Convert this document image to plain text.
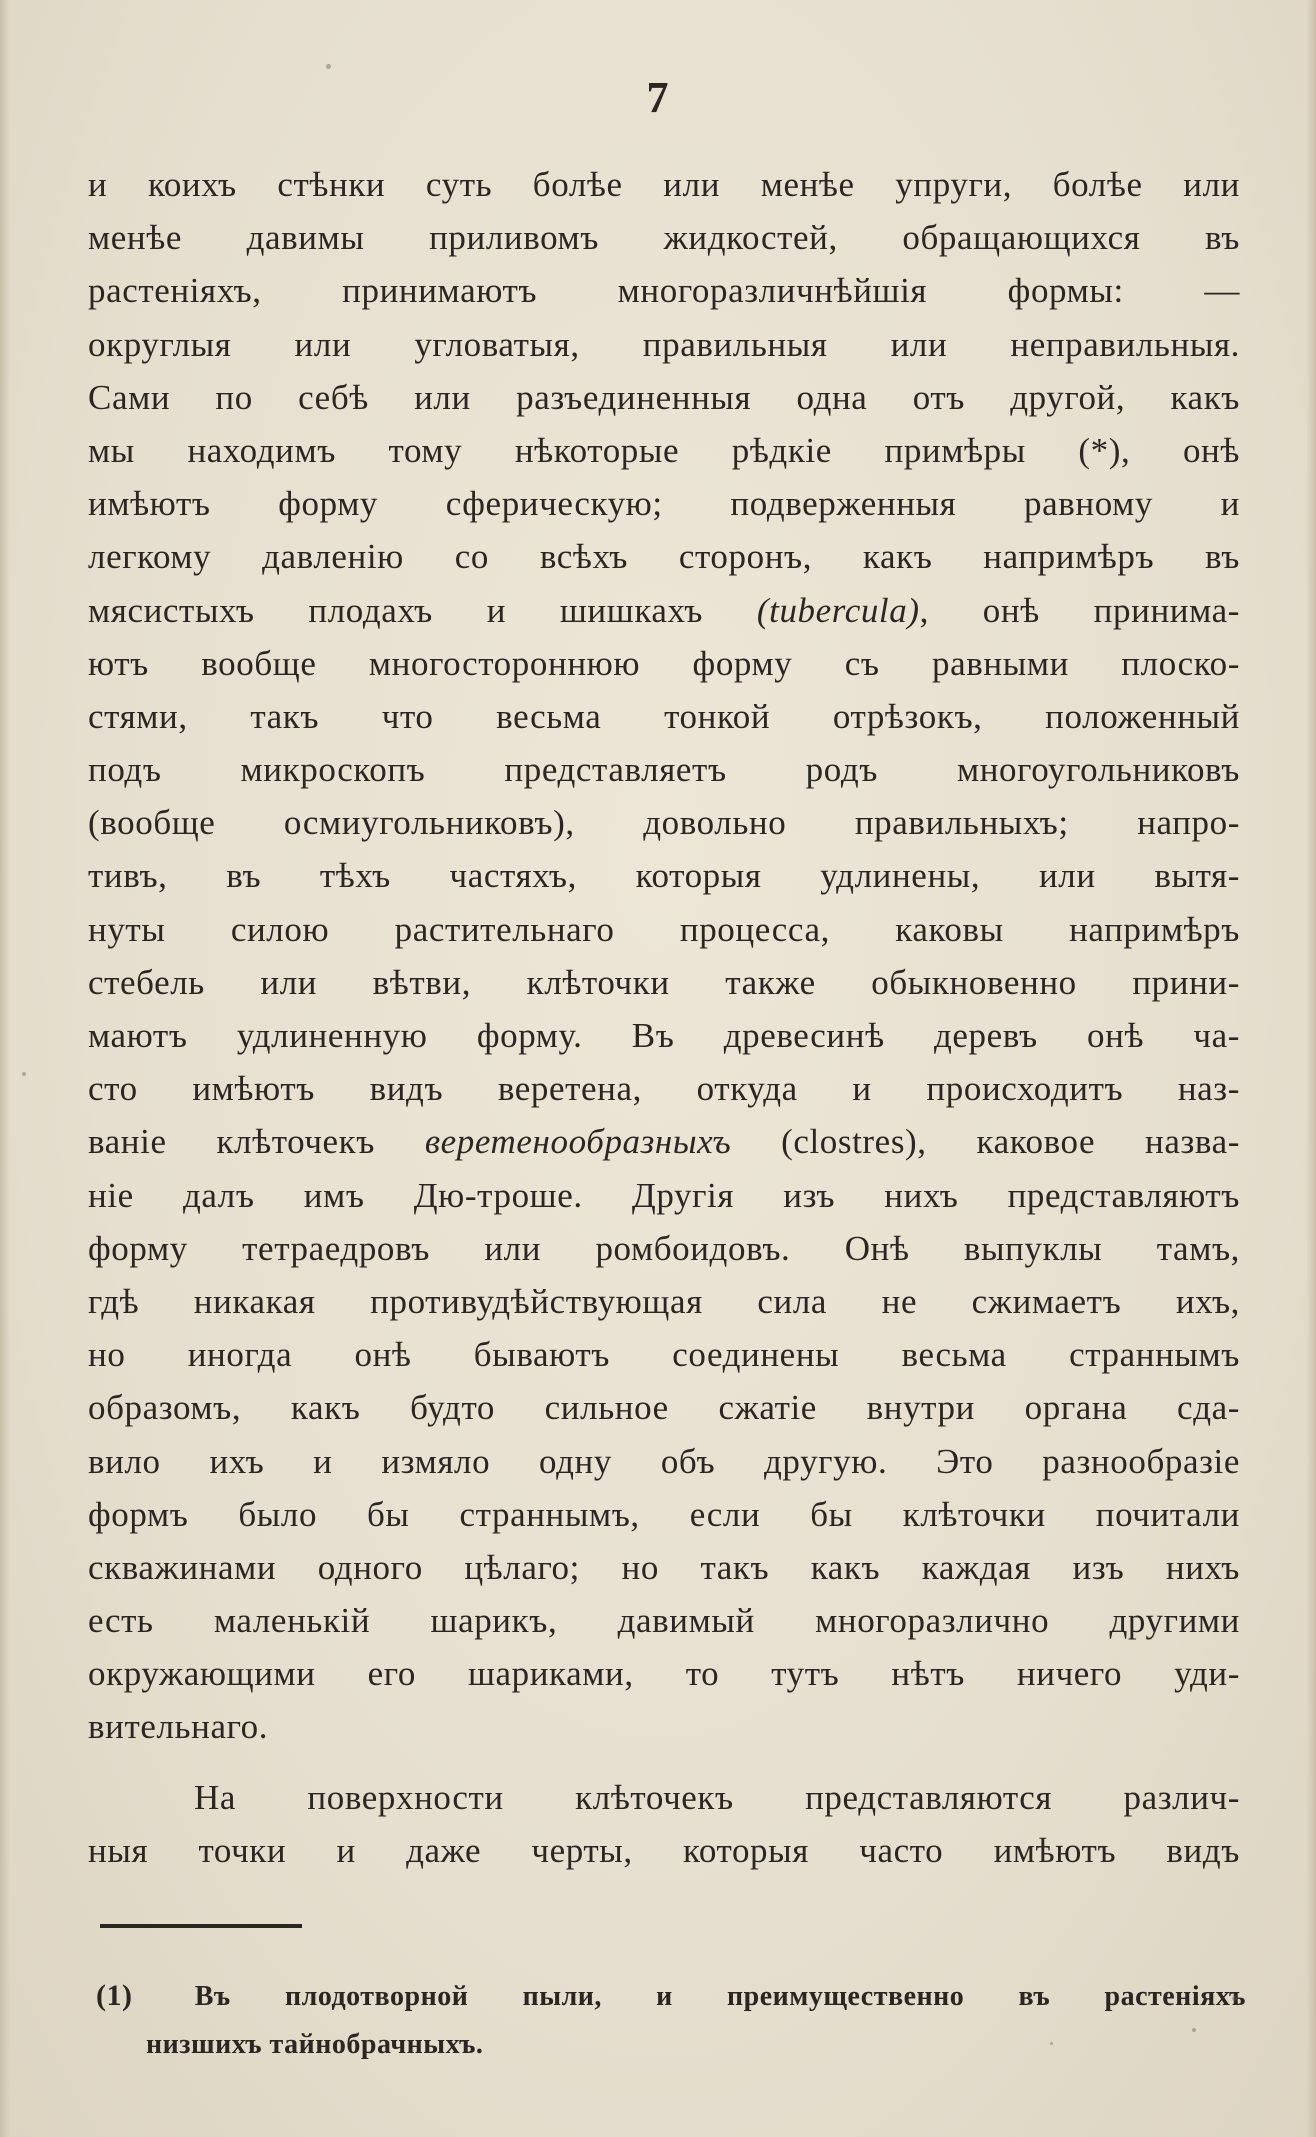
7
и коихъ стѣнки суть болѣе или менѣе упруги, болѣе или
менѣе давимы приливомъ жидкостей, обращающихся въ
растеніяхъ, принимаютъ многоразличнѣйшія формы: —
округлыя или угловатыя, правильныя или неправильныя.
Сами по себѣ или разъединенныя одна отъ другой, какъ
мы находимъ тому нѣкоторые рѣдкіе примѣры (*), онѣ
имѣютъ форму сферическую; подверженныя равному и
легкому давленію со всѣхъ сторонъ, какъ напримѣръ въ
мясистыхъ плодахъ и шишкахъ (tubercula), онѣ принима-
ютъ вообще многостороннюю форму съ равными плоско-
стями, такъ что весьма тонкой отрѣзокъ, положенный
подъ микроскопъ представляетъ родъ многоугольниковъ
(вообще осмиугольниковъ), довольно правильныхъ; напро-
тивъ, въ тѣхъ частяхъ, которыя удлинены, или вытя-
нуты силою растительнаго процесса, каковы напримѣръ
стебель или вѣтви, клѣточки также обыкновенно прини-
маютъ удлиненную форму. Въ древесинѣ деревъ онѣ ча-
сто имѣютъ видъ веретена, откуда и происходитъ наз-
ваніе клѣточекъ веретенообразныхъ (clostres), каковое назва-
ніе далъ имъ Дю-трошe. Другія изъ нихъ представляютъ
форму тетраедровъ или ромбоидовъ. Онѣ выпуклы тамъ,
гдѣ никакая противудѣйствующая сила не сжимаетъ ихъ,
но иногда онѣ бываютъ соединены весьма страннымъ
образомъ, какъ будто сильное сжатіе внутри органа сда-
вило ихъ и измяло одну объ другую. Это разнообразіе
формъ было бы страннымъ, если бы клѣточки почитали
скважинами одного цѣлаго; но такъ какъ каждая изъ нихъ
есть маленькій шарикъ, давимый многоразлично другими
окружающими его шариками, то тутъ нѣтъ ничего уди-
вительнаго.
На поверхности клѣточекъ представляются различ-
ныя точки и даже черты, которыя часто имѣютъ видъ
(1) Въ плодотворной пыли, и преимущественно въ растеніяхъ
низшихъ тайнобрачныхъ.
